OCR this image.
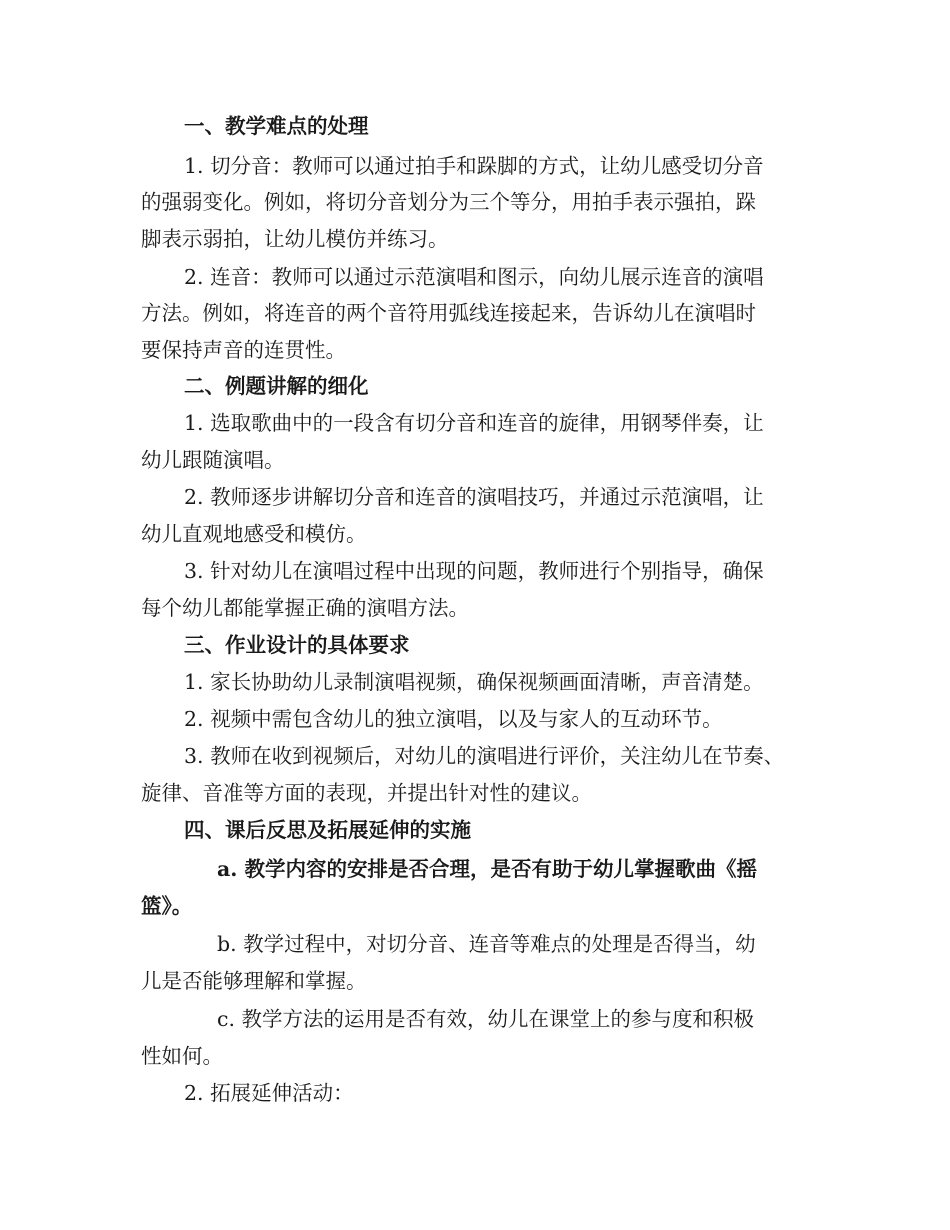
一、教学难点的处理
1. 切分音：教师可以通过拍手和跺脚的方式，让幼儿感受切分音
的强弱变化。例如，将切分音划分为三个等分，用拍手表示强拍，跺
脚表示弱拍，让幼儿模仿并练习。
2. 连音：教师可以通过示范演唱和图示，向幼儿展示连音的演唱
方法。例如，将连音的两个音符用弧线连接起来，告诉幼儿在演唱时
要保持声音的连贯性。
二、例题讲解的细化
1. 选取歌曲中的一段含有切分音和连音的旋律，用钢琴伴奏，让
幼儿跟随演唱。
2. 教师逐步讲解切分音和连音的演唱技巧，并通过示范演唱，让
幼儿直观地感受和模仿。
3. 针对幼儿在演唱过程中出现的问题，教师进行个别指导，确保
每个幼儿都能掌握正确的演唱方法。
三、作业设计的具体要求
1. 家长协助幼儿录制演唱视频，确保视频画面清晰，声音清楚。
2. 视频中需包含幼儿的独立演唱，以及与家人的互动环节。
3. 教师在收到视频后，对幼儿的演唱进行评价，关注幼儿在节奏、
旋律、音准等方面的表现，并提出针对性的建议。
四、课后反思及拓展延伸的实施
a. 教学内容的安排是否合理，是否有助于幼儿掌握歌曲《摇
篮》。
b. 教学过程中，对切分音、连音等难点的处理是否得当，幼
儿是否能够理解和掌握。
c. 教学方法的运用是否有效，幼儿在课堂上的参与度和积极
性如何。
2. 拓展延伸活动：
